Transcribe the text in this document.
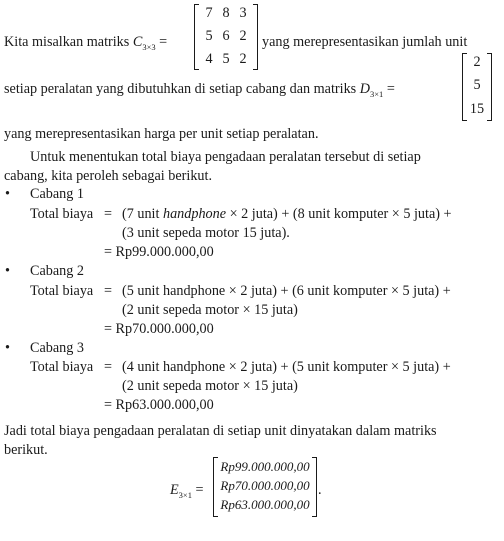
Kita misalkan matriks $C_{3\times 3}$ =
7 8 3
5 6 2
4 5 2
yang merepresentasikan jumlah unit
setiap peralatan yang dibutuhkan di setiap cabang dan matriks $D_{3\times 1}$ =
2
5
15
yang merepresentasikan harga per unit setiap peralatan.
Untuk menentukan total biaya pengadaan peralatan tersebut di setiap
cabang, kita peroleh sebagai berikut.
• Cabang 1
Total biaya = (7 unit handphone × 2 juta) + (8 unit komputer × 5 juta) +
(3 unit sepeda motor 15 juta).
= Rp99.000.000,00
• Cabang 2
Total biaya = (5 unit handphone × 2 juta) + (6 unit komputer × 5 juta) +
(2 unit sepeda motor × 15 juta)
= Rp70.000.000,00
• Cabang 3
Total biaya = (4 unit handphone × 2 juta) + (5 unit komputer × 5 juta) +
(2 unit sepeda motor × 15 juta)
= Rp63.000.000,00
Jadi total biaya pengadaan peralatan di setiap unit dinyatakan dalam matriks
berikut.
$E_{3\times 1}$ =
Rp99.000.000,00
Rp70.000.000,00
Rp63.000.000,00
.
